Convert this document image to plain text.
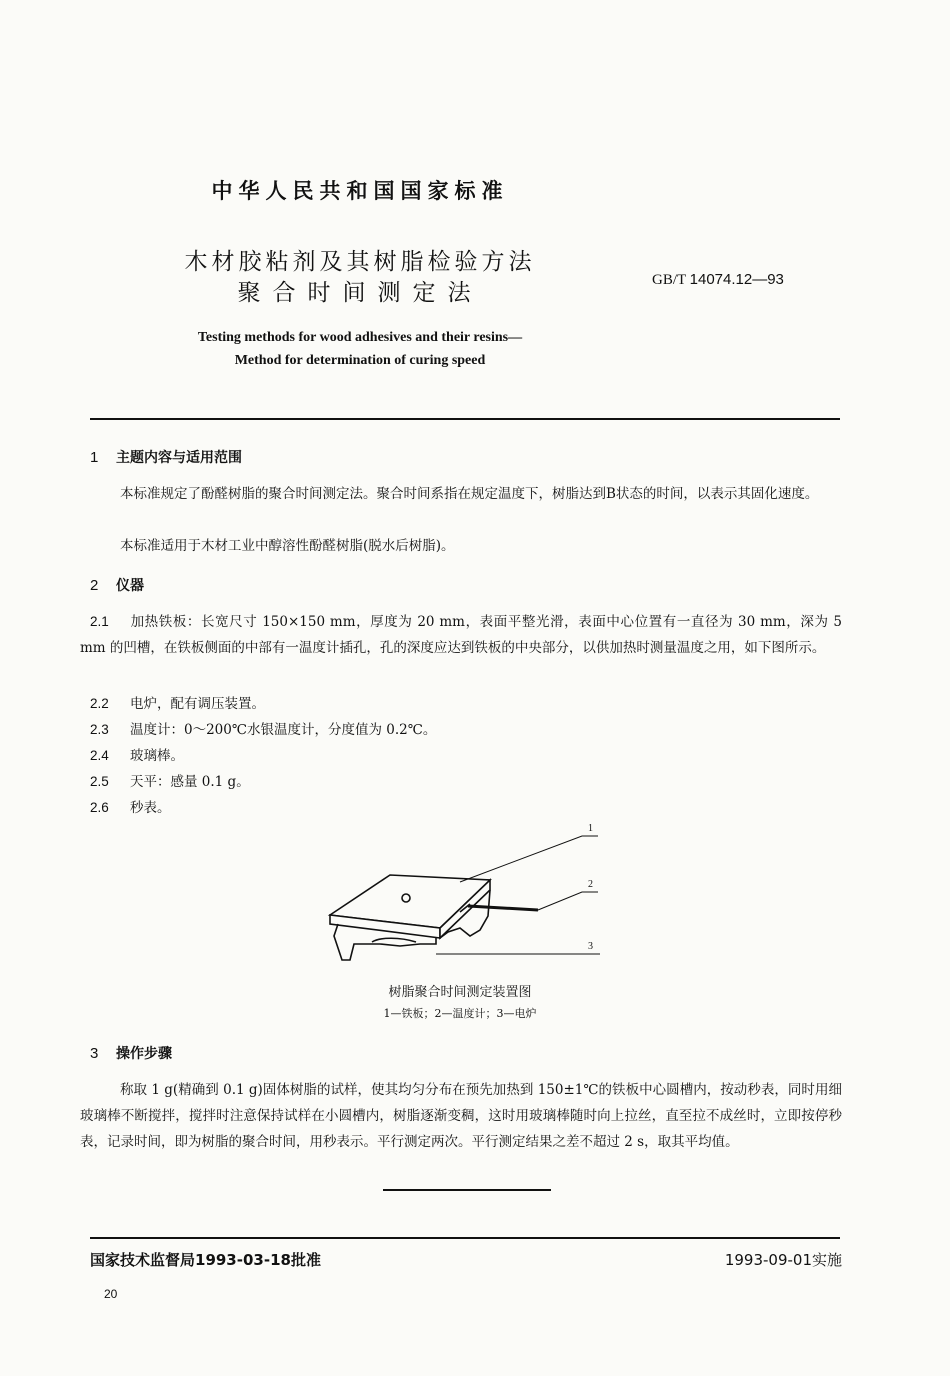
中华人民共和国国家标准
木材胶粘剂及其树脂检验方法
聚合时间测定法	GB/T 14074.12—93
Testing methods for wood adhesives and their resins—
Method for determination of curing speed
1 主题内容与适用范围

本标准规定了酚醛树脂的聚合时间测定法。聚合时间系指在规定温度下，树脂达到B状态的时间，以表示其固化速度。

本标准适用于木材工业中醇溶性酚醛树脂(脱水后树脂)。

2 仪器

2.1 加热铁板：长宽尺寸 150×150 mm，厚度为 20 mm，表面平整光滑，表面中心位置有一直径为 30 mm，深为 5 mm 的凹槽，在铁板侧面的中部有一温度计插孔，孔的深度应达到铁板的中央部分，以供加热时测量温度之用，如下图所示。

2.2 电炉，配有调压装置。
2.3 温度计：0～200℃水银温度计，分度值为 0.2℃。
2.4 玻璃棒。
2.5 天平：感量 0.1 g。
2.6 秒表。
1
2
3
树脂聚合时间测定装置图
1—铁板；2—温度计；3—电炉
3 操作步骤

称取 1 g(精确到 0.1 g)固体树脂的试样，使其均匀分布在预先加热到 150±1℃的铁板中心圆槽内，按动秒表，同时用细玻璃棒不断搅拌，搅拌时注意保持试样在小圆槽内，树脂逐渐变稠，这时用玻璃棒随时向上拉丝，直至拉不成丝时，立即按停秒表，记录时间，即为树脂的聚合时间，用秒表示。平行测定两次。平行测定结果之差不超过 2 s，取其平均值。

国家技术监督局1993-03-18批准	1993-09-01实施
20
